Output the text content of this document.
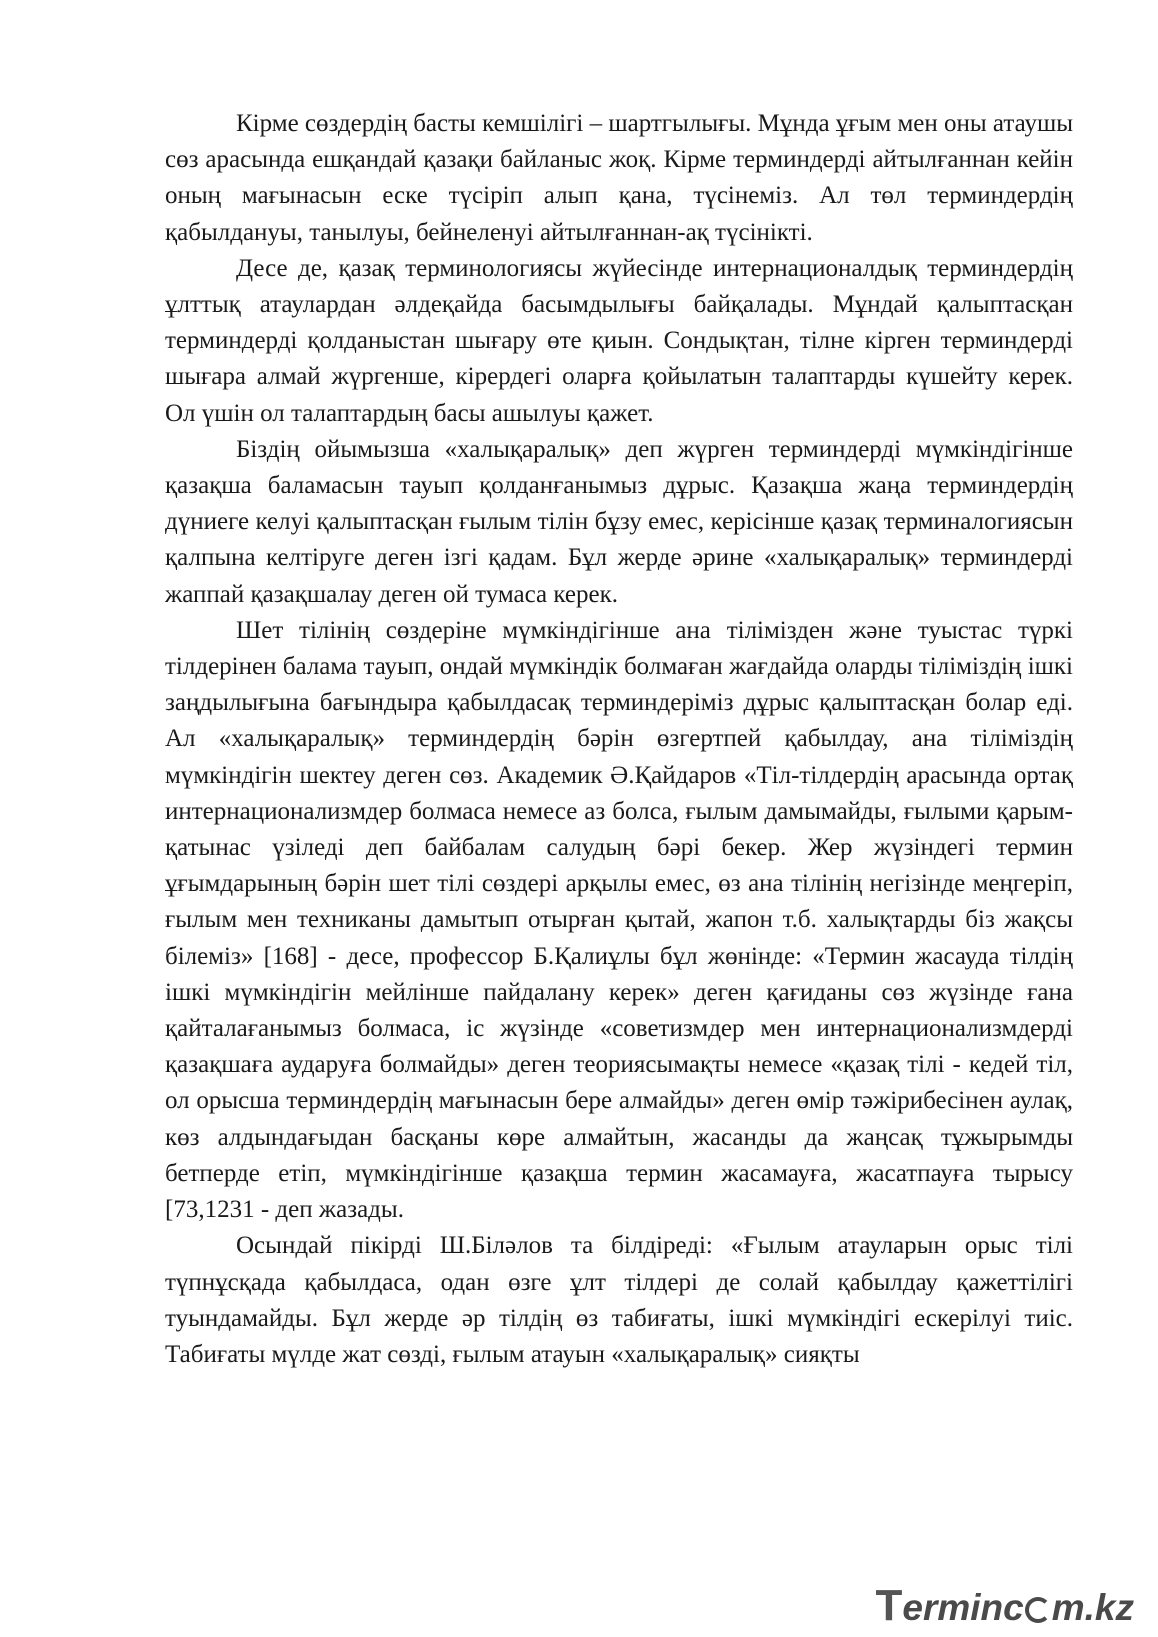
Кірме сөздердің басты кемшілігі – шартгылығы. Мұнда ұғым мен оны атаушы сөз арасында ешқандай қазақи байланыс жоқ. Кірме терминдерді айтылғаннан кейін оның мағынасын еске түсіріп алып қана, түсінеміз. Ал төл терминдердің қабылдануы, танылуы, бейнеленуі айтылғаннан-ақ түсінікті.

Десе де, қазақ терминологиясы жүйесінде интернационалдық терминдердің ұлттық атаулардан әлдеқайда басымдылығы байқалады. Мұндай қалыптасқан терминдерді қолданыстан шығару өте қиын. Сондықтан, тілне кірген терминдерді шығара алмай жүргенше, кірердегі оларға қойылатын талаптарды күшейту керек. Ол үшін ол талаптардың басы ашылуы қажет.

Біздің ойымызша «халықаралық» деп жүрген терминдерді мүмкіндігінше қазақша баламасын тауып қолданғанымыз дұрыс. Қазақша жаңа терминдердің дүниеге келуі қалыптасқан ғылым тілін бұзу емес, керісінше қазақ терминалогиясын қалпына келтіруге деген ізгі қадам. Бұл жерде әрине «халықаралық» терминдерді жаппай қазақшалау деген ой тумаса керек.

Шет тілінің сөздеріне мүмкіндігінше ана тілімізден және туыстас түркі тілдерінен балама тауып, ондай мүмкіндік болмаған жағдайда оларды тіліміздің ішкі заңдылығына бағындыра қабылдасақ терминдеріміз дұрыс қалыптасқан болар еді. Ал «халықаралық» терминдердің бәрін өзгертпей қабылдау, ана тіліміздің мүмкіндігін шектеу деген сөз. Академик Ә.Қайдаров «Тіл-тілдердің арасында ортақ интернационализмдер болмаса немесе аз болса, ғылым дамымайды, ғылыми қарым-қатынас үзіледі деп байбалам салудың бәрі бекер. Жер жүзіндегі термин ұғымдарының бәрін шет тілі сөздері арқылы емес, өз ана тілінің негізінде меңгеріп, ғылым мен техниканы дамытып отырған қытай, жапон т.б. халықтарды біз жақсы білеміз» [168] - десе, профессор Б.Қалиұлы бұл жөнінде: «Термин жасауда тілдің ішкі мүмкіндігін мейлінше пайдалану керек» деген қағиданы сөз жүзінде ғана қайталағанымыз болмаса, іс жүзінде «советизмдер мен интернационализмдерді қазақшаға аударуға болмайды» деген теориясымақты немесе «қазақ тілі - кедей тіл, ол орысша терминдердің мағынасын бере алмайды» деген өмір тәжірибесінен аулақ, көз алдындағыдан басқаны көре алмайтын, жасанды да жаңсақ тұжырымды бетперде етіп, мүмкіндігінше қазақша термин жасамауға, жасатпауға тырысу [73,1231 - деп жазады.

Осындай пікірді Ш.Біләлов та білдіреді: «Ғылым атауларын орыс тілі түпнұсқада қабылдаса, одан өзге ұлт тілдері де солай қабылдау қажеттілігі туындамайды. Бұл жерде әр тілдің өз табиғаты, ішкі мүмкіндігі ескерілуі тиіс. Табиғаты мүлде жат сөзді, ғылым атауын «халықаралық» сияқты

T erminc m.kz
